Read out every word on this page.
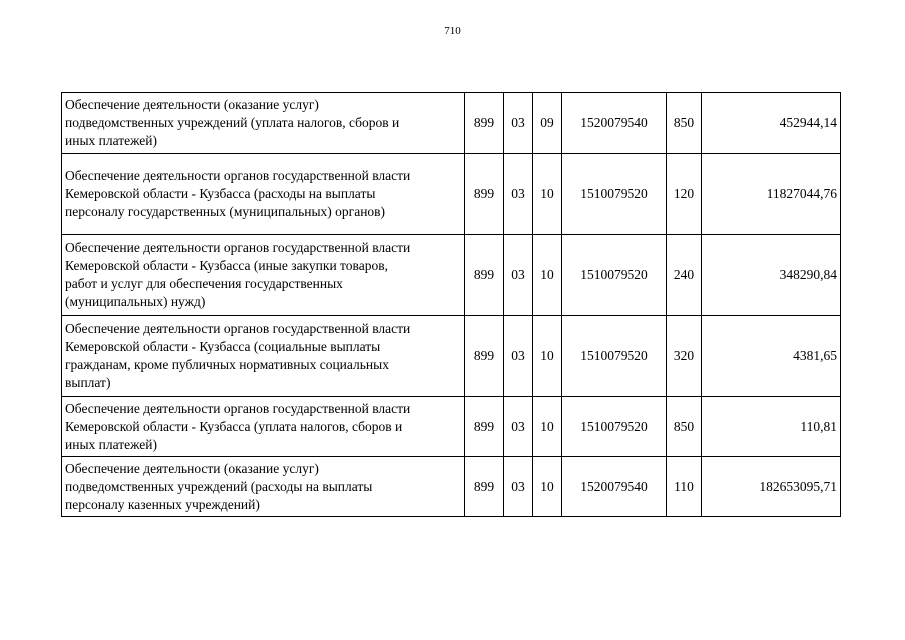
710
Обеспечение деятельности (оказание услуг)
подведомственных учреждений (уплата налогов, сборов и
иных платежей)	899	03	09	1520079540	850	452944,14
Обеспечение деятельности органов государственной власти
Кемеровской области - Кузбасса (расходы на выплаты
персоналу государственных (муниципальных) органов)	899	03	10	1510079520	120	11827044,76
Обеспечение деятельности органов государственной власти
Кемеровской области - Кузбасса (иные закупки товаров,
работ и услуг для обеспечения государственных
(муниципальных) нужд)	899	03	10	1510079520	240	348290,84
Обеспечение деятельности органов государственной власти
Кемеровской области - Кузбасса (социальные выплаты
гражданам, кроме публичных нормативных социальных
выплат)	899	03	10	1510079520	320	4381,65
Обеспечение деятельности органов государственной власти
Кемеровской области - Кузбасса (уплата налогов, сборов и
иных платежей)	899	03	10	1510079520	850	110,81
Обеспечение деятельности (оказание услуг)
подведомственных учреждений (расходы на выплаты
персоналу казенных учреждений)	899	03	10	1520079540	110	182653095,71
